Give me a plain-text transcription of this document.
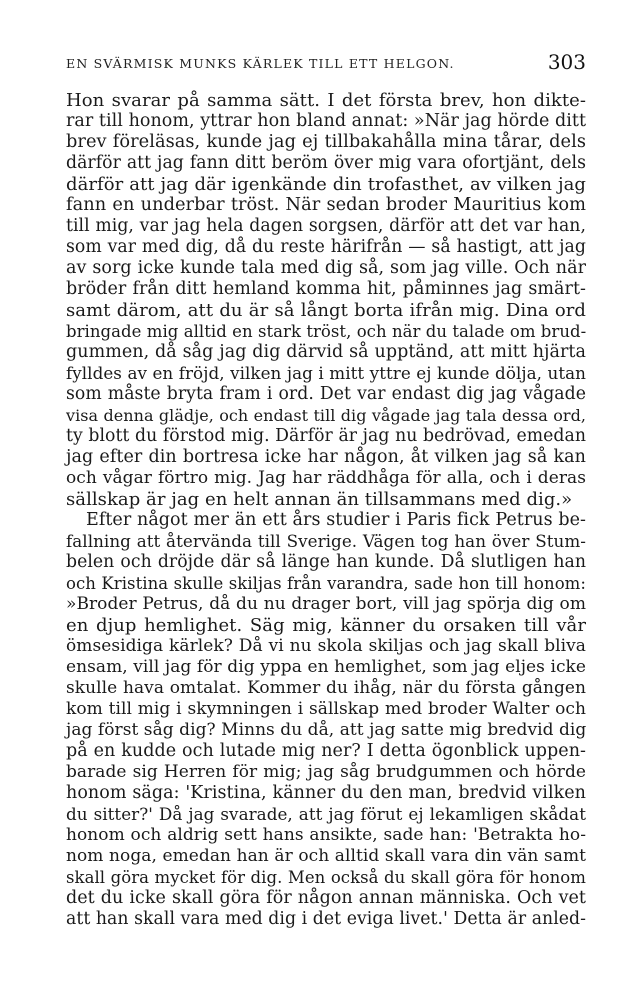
EN SVÄRMISK MUNKS KÄRLEK TILL ETT HELGON.	303
Hon svarar på samma sätt. I det första brev, hon dikte-
rar till honom, yttrar hon bland annat: »När jag hörde ditt
brev föreläsas, kunde jag ej tillbakahålla mina tårar, dels
därför att jag fann ditt beröm över mig vara ofortjänt, dels
därför att jag där igenkände din trofasthet, av vilken jag
fann en underbar tröst. När sedan broder Mauritius kom
till mig, var jag hela dagen sorgsen, därför att det var han,
som var med dig, då du reste härifrån — så hastigt, att jag
av sorg icke kunde tala med dig så, som jag ville. Och när
bröder från ditt hemland komma hit, påminnes jag smärt-
samt därom, att du är så långt borta ifrån mig. Dina ord
bringade mig alltid en stark tröst, och när du talade om brud-
gummen, då såg jag dig därvid så upptänd, att mitt hjärta
fylldes av en fröjd, vilken jag i mitt yttre ej kunde dölja, utan
som måste bryta fram i ord. Det var endast dig jag vågade
visa denna glädje, och endast till dig vågade jag tala dessa ord,
ty blott du förstod mig. Därför är jag nu bedrövad, emedan
jag efter din bortresa icke har någon, åt vilken jag så kan
och vågar förtro mig. Jag har räddhåga för alla, och i deras
sällskap är jag en helt annan än tillsammans med dig.»
Efter något mer än ett års studier i Paris fick Petrus be-
fallning att återvända till Sverige. Vägen tog han över Stum-
belen och dröjde där så länge han kunde. Då slutligen han
och Kristina skulle skiljas från varandra, sade hon till honom:
»Broder Petrus, då du nu drager bort, vill jag spörja dig om
en djup hemlighet. Säg mig, känner du orsaken till vår
ömsesidiga kärlek? Då vi nu skola skiljas och jag skall bliva
ensam, vill jag för dig yppa en hemlighet, som jag eljes icke
skulle hava omtalat. Kommer du ihåg, när du första gången
kom till mig i skymningen i sällskap med broder Walter och
jag först såg dig? Minns du då, att jag satte mig bredvid dig
på en kudde och lutade mig ner? I detta ögonblick uppen-
barade sig Herren för mig; jag såg brudgummen och hörde
honom säga: 'Kristina, känner du den man, bredvid vilken
du sitter?' Då jag svarade, att jag förut ej lekamligen skådat
honom och aldrig sett hans ansikte, sade han: 'Betrakta ho-
nom noga, emedan han är och alltid skall vara din vän samt
skall göra mycket för dig. Men också du skall göra för honom
det du icke skall göra för någon annan människa. Och vet
att han skall vara med dig i det eviga livet.' Detta är anled-
